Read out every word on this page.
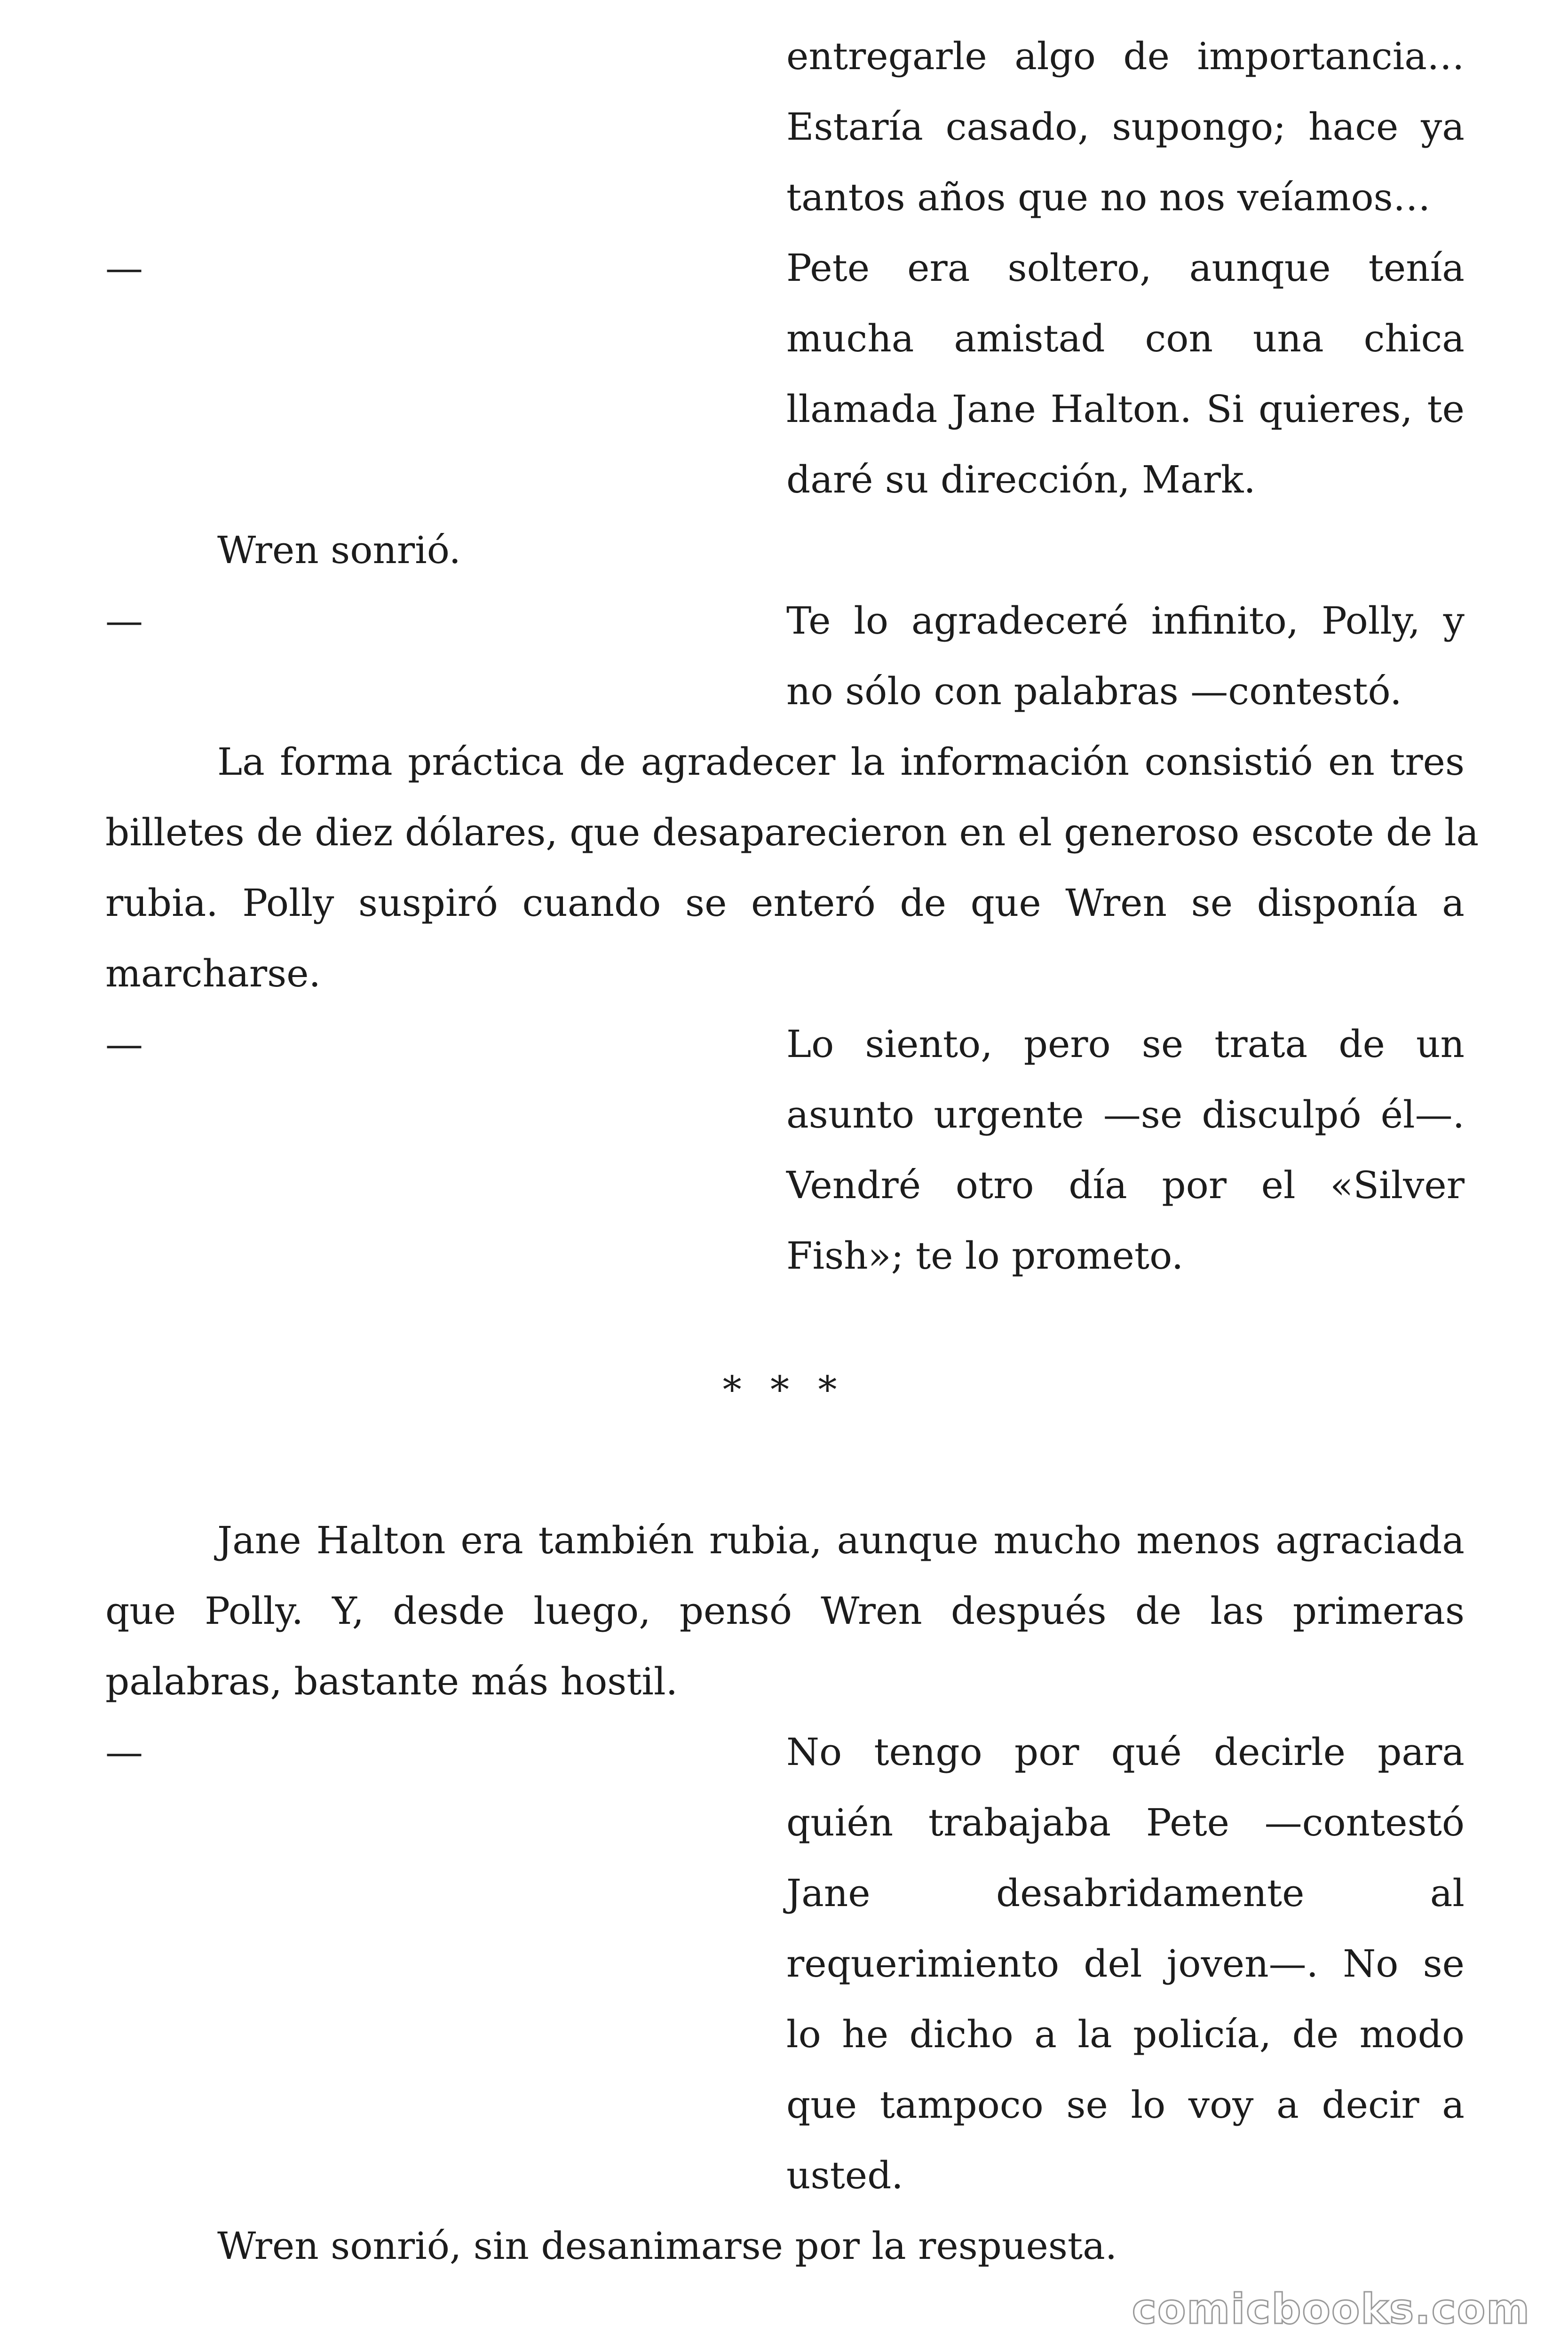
entregarle algo de importancia…
Estaría casado, supongo; hace ya
tantos años que no nos veíamos…
—	Pete era soltero, aunque tenía
mucha amistad con una chica
llamada Jane Halton. Si quieres, te
daré su dirección, Mark.
Wren sonrió.
—	Te lo agradeceré infinito, Polly, y
no sólo con palabras —contestó.
La forma práctica de agradecer la información consistió en tres
billetes de diez dólares, que desaparecieron en el generoso escote de la
rubia. Polly suspiró cuando se enteró de que Wren se disponía a
marcharse.
—	Lo siento, pero se trata de un
asunto urgente —se disculpó él—.
Vendré otro día por el «Silver
Fish»; te lo prometo.
* * *
Jane Halton era también rubia, aunque mucho menos agraciada
que Polly. Y, desde luego, pensó Wren después de las primeras
palabras, bastante más hostil.
—	No tengo por qué decirle para
quién trabajaba Pete —contestó
Jane desabridamente al
requerimiento del joven—. No se
lo he dicho a la policía, de modo
que tampoco se lo voy a decir a
usted.
Wren sonrió, sin desanimarse por la respuesta.
comicbooks.com
